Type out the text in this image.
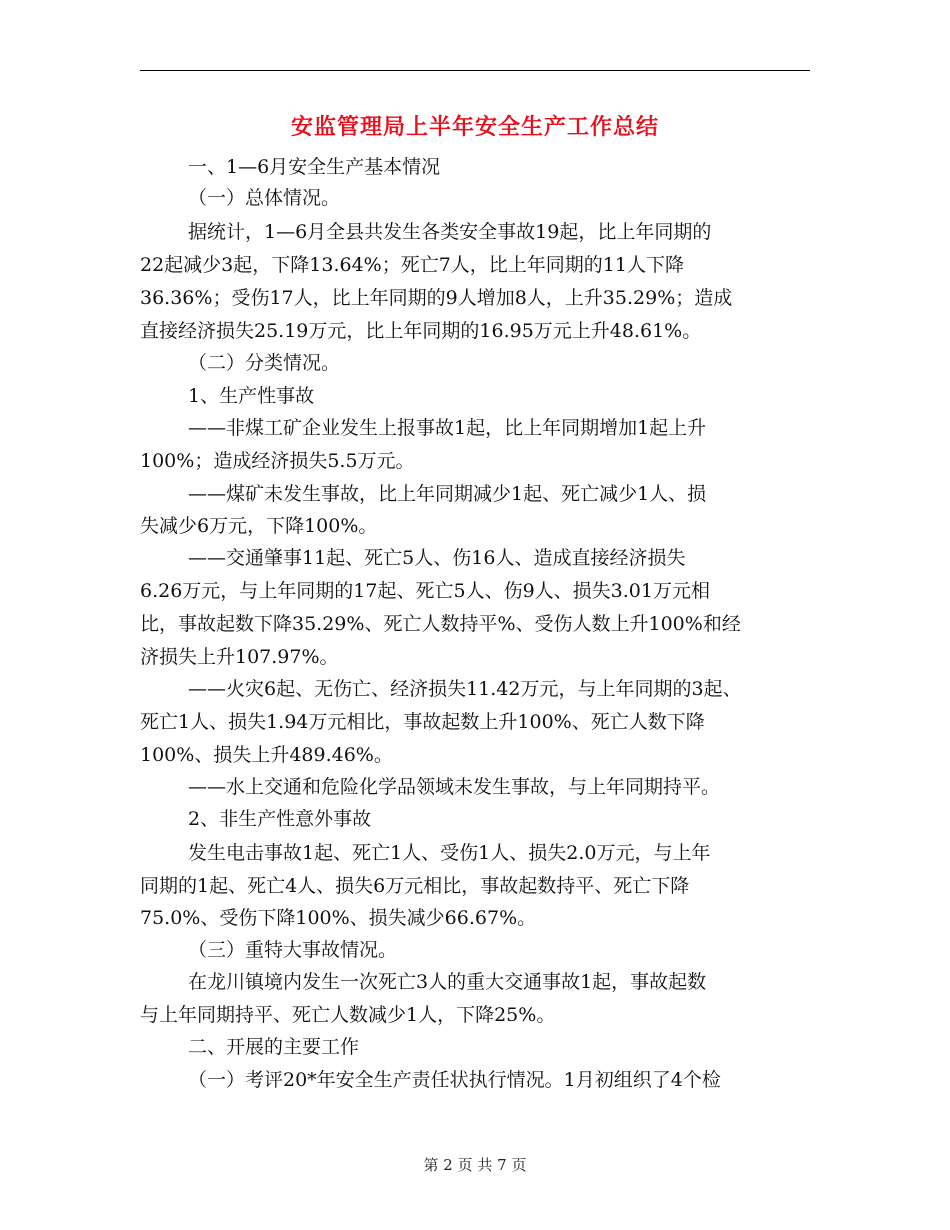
安监管理局上半年安全生产工作总结
一、1—6月安全生产基本情况
（一）总体情况。
据统计，1—6月全县共发生各类安全事故19起，比上年同期的
22起减少3起，下降13.64%；死亡7人，比上年同期的11人下降
36.36%；受伤17人，比上年同期的9人增加8人，上升35.29%；造成
直接经济损失25.19万元，比上年同期的16.95万元上升48.61%。
（二）分类情况。
1、生产性事故
——非煤工矿企业发生上报事故1起，比上年同期增加1起上升
100%；造成经济损失5.5万元。
——煤矿未发生事故，比上年同期减少1起、死亡减少1人、损
失减少6万元，下降100%。
——交通肇事11起、死亡5人、伤16人、造成直接经济损失
6.26万元，与上年同期的17起、死亡5人、伤9人、损失3.01万元相
比，事故起数下降35.29%、死亡人数持平%、受伤人数上升100%和经
济损失上升107.97%。
——火灾6起、无伤亡、经济损失11.42万元，与上年同期的3起、
死亡1人、损失1.94万元相比，事故起数上升100%、死亡人数下降
100%、损失上升489.46%。
——水上交通和危险化学品领域未发生事故，与上年同期持平。
2、非生产性意外事故
发生电击事故1起、死亡1人、受伤1人、损失2.0万元，与上年
同期的1起、死亡4人、损失6万元相比，事故起数持平、死亡下降
75.0%、受伤下降100%、损失减少66.67%。
（三）重特大事故情况。
在龙川镇境内发生一次死亡3人的重大交通事故1起，事故起数
与上年同期持平、死亡人数减少1人，下降25%。
二、开展的主要工作
（一）考评20*年安全生产责任状执行情况。1月初组织了4个检
第 2 页 共 7 页
